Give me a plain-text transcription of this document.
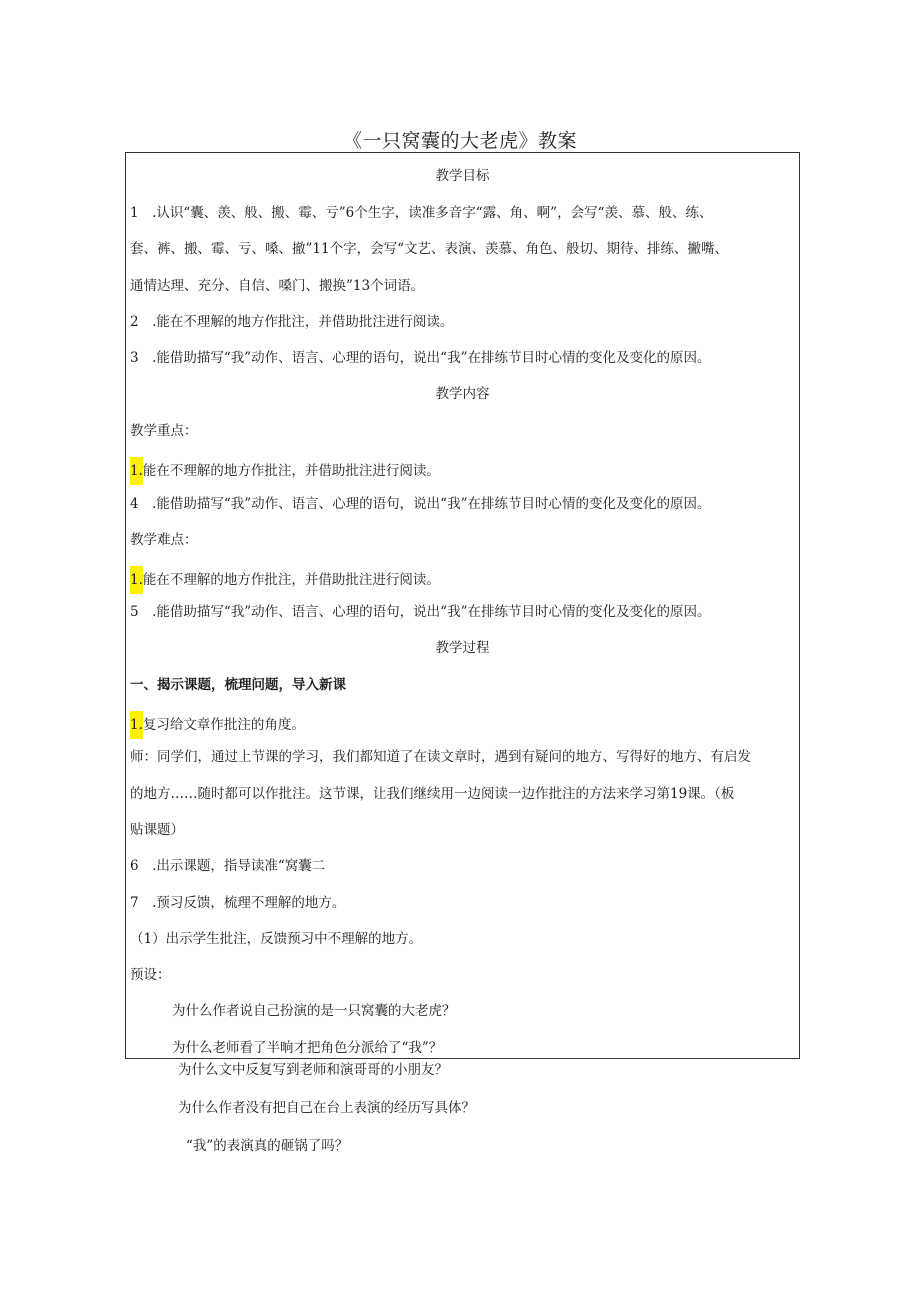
《一只窝囊的大老虎》教案
教学目标
1　.认识“囊、羡、般、搬、霉、亏”6个生字，读准多音字“露、角、啊”，会写“羡、慕、般、练、
套、裤、搬、霉、亏、嗓、撤”11个字，会写“文艺、表演、羡慕、角色、般切、期待、排练、撇嘴、
通情达理、充分、自信、嗓门、搬换”13个词语。
2　.能在不理解的地方作批注，并借助批注进行阅读。
3　.能借助描写“我”动作、语言、心理的语句，说出“我”在排练节目时心情的变化及变化的原因。
教学内容
教学重点：
1.能在不理解的地方作批注，并借助批注进行阅读。
4　.能借助描写“我”动作、语言、心理的语句，说出“我”在排练节目时心情的变化及变化的原因。
教学难点：
1.能在不理解的地方作批注，并借助批注进行阅读。
5　.能借助描写“我”动作、语言、心理的语句，说出“我”在排练节目时心情的变化及变化的原因。
教学过程
一、揭示课题，梳理问题，导入新课
1.复习给文章作批注的角度。
师：同学们，通过上节课的学习，我们都知道了在读文章时，遇到有疑问的地方、写得好的地方、有启发
的地方……随时都可以作批注。这节课，让我们继续用一边阅读一边作批注的方法来学习第19课。（板
贴课题）
6　.出示课题，指导读准“窝囊二
7　.预习反馈，梳理不理解的地方。
（1）出示学生批注，反馈预习中不理解的地方。
预设：
为什么作者说自己扮演的是一只窝囊的大老虎？
为什么老师看了半晌才把角色分派给了“我”？
为什么文中反复写到老师和演哥哥的小朋友？
为什么作者没有把自己在台上表演的经历写具体？
“我”的表演真的砸锅了吗？
